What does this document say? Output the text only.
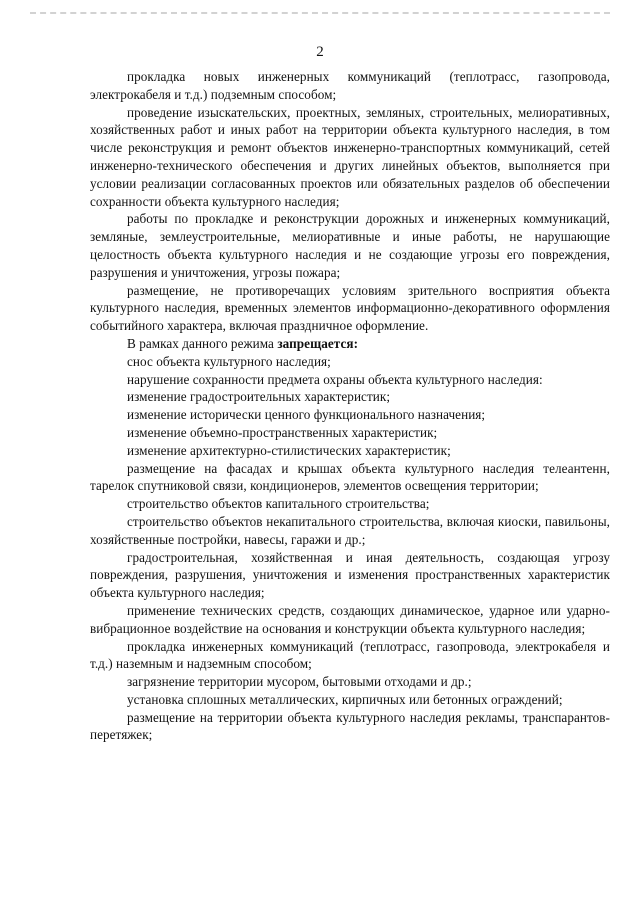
2

прокладка новых инженерных коммуникаций (теплотрасс, газопровода, электрокабеля и т.д.) подземным способом;

проведение изыскательских, проектных, земляных, строительных, мелиоративных, хозяйственных работ и иных работ на территории объекта культурного наследия, в том числе реконструкция и ремонт объектов инженерно-транспортных коммуникаций, сетей инженерно-технического обеспечения и других линейных объектов, выполняется при условии реализации согласованных проектов или обязательных разделов об обеспечении сохранности объекта культурного наследия;

работы по прокладке и реконструкции дорожных и инженерных коммуникаций, земляные, землеустроительные, мелиоративные и иные работы, не нарушающие целостность объекта культурного наследия и не создающие угрозы его повреждения, разрушения и уничтожения, угрозы пожара;

размещение, не противоречащих условиям зрительного восприятия объекта культурного наследия, временных элементов информационно-декоративного оформления событийного характера, включая праздничное оформление.

В рамках данного режима запрещается:

снос объекта культурного наследия;

нарушение сохранности предмета охраны объекта культурного наследия:

изменение градостроительных характеристик;

изменение исторически ценного функционального назначения;

изменение объемно-пространственных характеристик;

изменение архитектурно-стилистических характеристик;

размещение на фасадах и крышах объекта культурного наследия телеантенн, тарелок спутниковой связи, кондиционеров, элементов освещения территории;

строительство объектов капитального строительства;

строительство объектов некапитального строительства, включая киоски, павильоны, хозяйственные постройки, навесы, гаражи и др.;

градостроительная, хозяйственная и иная деятельность, создающая угрозу повреждения, разрушения, уничтожения и изменения пространственных характеристик объекта культурного наследия;

применение технических средств, создающих динамическое, ударное или ударно-вибрационное воздействие на основания и конструкции объекта культурного наследия;

прокладка инженерных коммуникаций (теплотрасс, газопровода, электрокабеля и т.д.) наземным и надземным способом;

загрязнение территории мусором, бытовыми отходами и др.;

установка сплошных металлических, кирпичных или бетонных ограждений;

размещение на территории объекта культурного наследия рекламы, транспарантов-перетяжек;
